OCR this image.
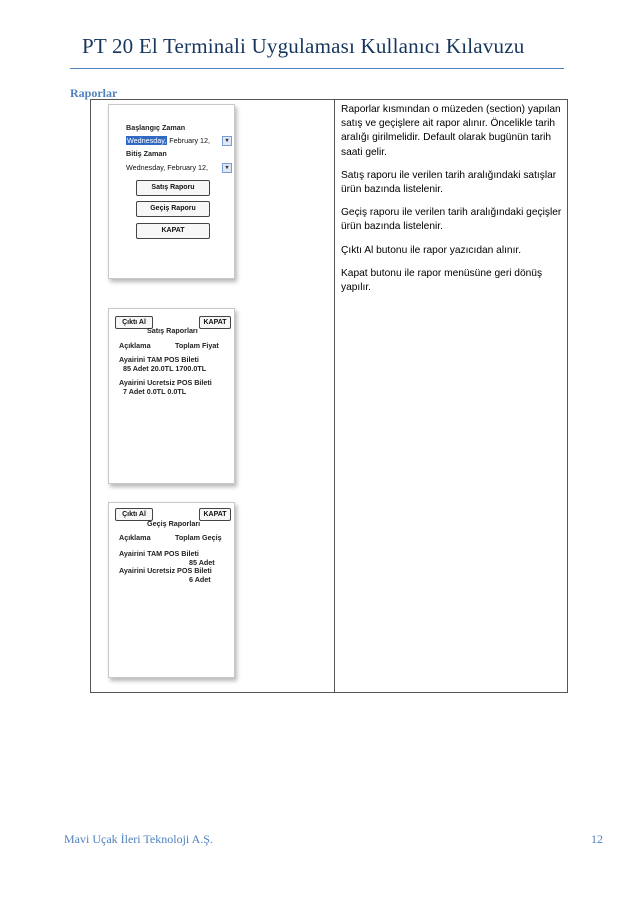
PT 20 El Terminali Uygulaması Kullanıcı Kılavuzu
Raporlar
Başlangıç Zaman
Wednesday, February 12,	▾
Bitiş Zaman
Wednesday, February 12,	▾
Satış Raporu
Geçiş Raporu
KAPAT
Çıktı Al	KAPAT
Satış Raporları
Açıklama	Toplam Fiyat
Ayairini TAM POS Bileti
85 Adet 20.0TL 1700.0TL
Ayairini Ucretsiz POS Bileti
7 Adet 0.0TL 0.0TL
Çıktı Al	KAPAT
Geçiş Raporları
Açıklama	Toplam Geçiş
Ayairini TAM POS Bileti
85 Adet
Ayairini Ucretsiz POS Bileti
6 Adet

Raporlar kısmından o müzeden (section) yapılan satış ve geçişlere ait rapor alınır. Öncelikle tarih aralığı girilmelidir. Default olarak bugünün tarih saati gelir.

Satış raporu ile verilen tarih aralığındaki satışlar ürün bazında listelenir.

Geçiş raporu ile verilen tarih aralığındaki geçişler ürün bazında listelenir.

Çıktı Al butonu ile rapor yazıcıdan alınır.

Kapat butonu ile rapor menüsüne geri dönüş yapılır.

Mavi Uçak İleri Teknoloji A.Ş.	12
